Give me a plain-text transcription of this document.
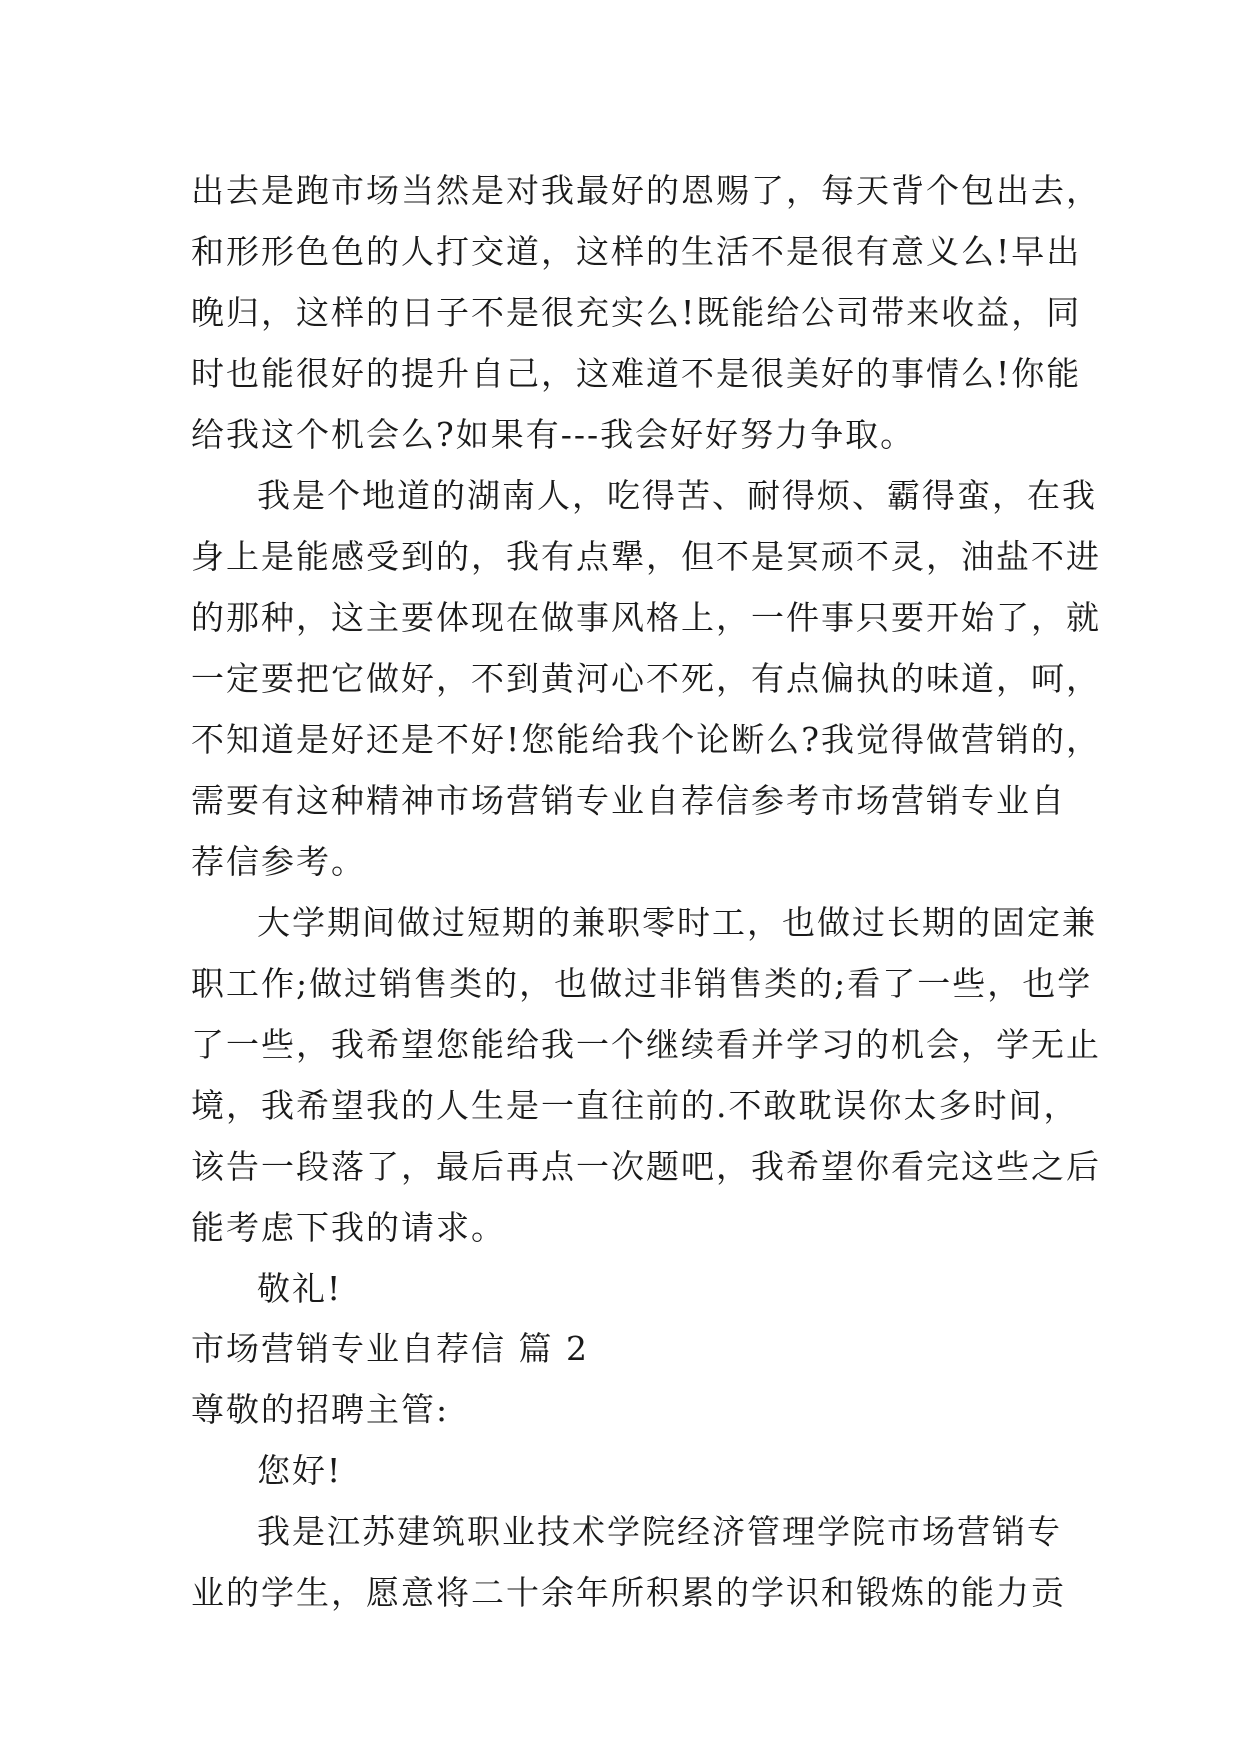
出去是跑市场当然是对我最好的恩赐了，每天背个包出去，
和形形色色的人打交道，这样的生活不是很有意义么!早出
晚归，这样的日子不是很充实么!既能给公司带来收益，同
时也能很好的提升自己，这难道不是很美好的事情么!你能
给我这个机会么?如果有---我会好好努力争取。

我是个地道的湖南人，吃得苦、耐得烦、霸得蛮，在我
身上是能感受到的，我有点犟，但不是冥顽不灵，油盐不进
的那种，这主要体现在做事风格上，一件事只要开始了，就
一定要把它做好，不到黄河心不死，有点偏执的味道，呵，
不知道是好还是不好!您能给我个论断么?我觉得做营销的，
需要有这种精神市场营销专业自荐信参考市场营销专业自
荐信参考。

大学期间做过短期的兼职零时工，也做过长期的固定兼
职工作;做过销售类的，也做过非销售类的;看了一些，也学
了一些，我希望您能给我一个继续看并学习的机会，学无止
境，我希望我的人生是一直往前的.不敢耽误你太多时间，
该告一段落了，最后再点一次题吧，我希望你看完这些之后
能考虑下我的请求。

敬礼!

市场营销专业自荐信 篇 2

尊敬的招聘主管:

您好!

我是江苏建筑职业技术学院经济管理学院市场营销专
业的学生，愿意将二十余年所积累的学识和锻炼的能力贡
